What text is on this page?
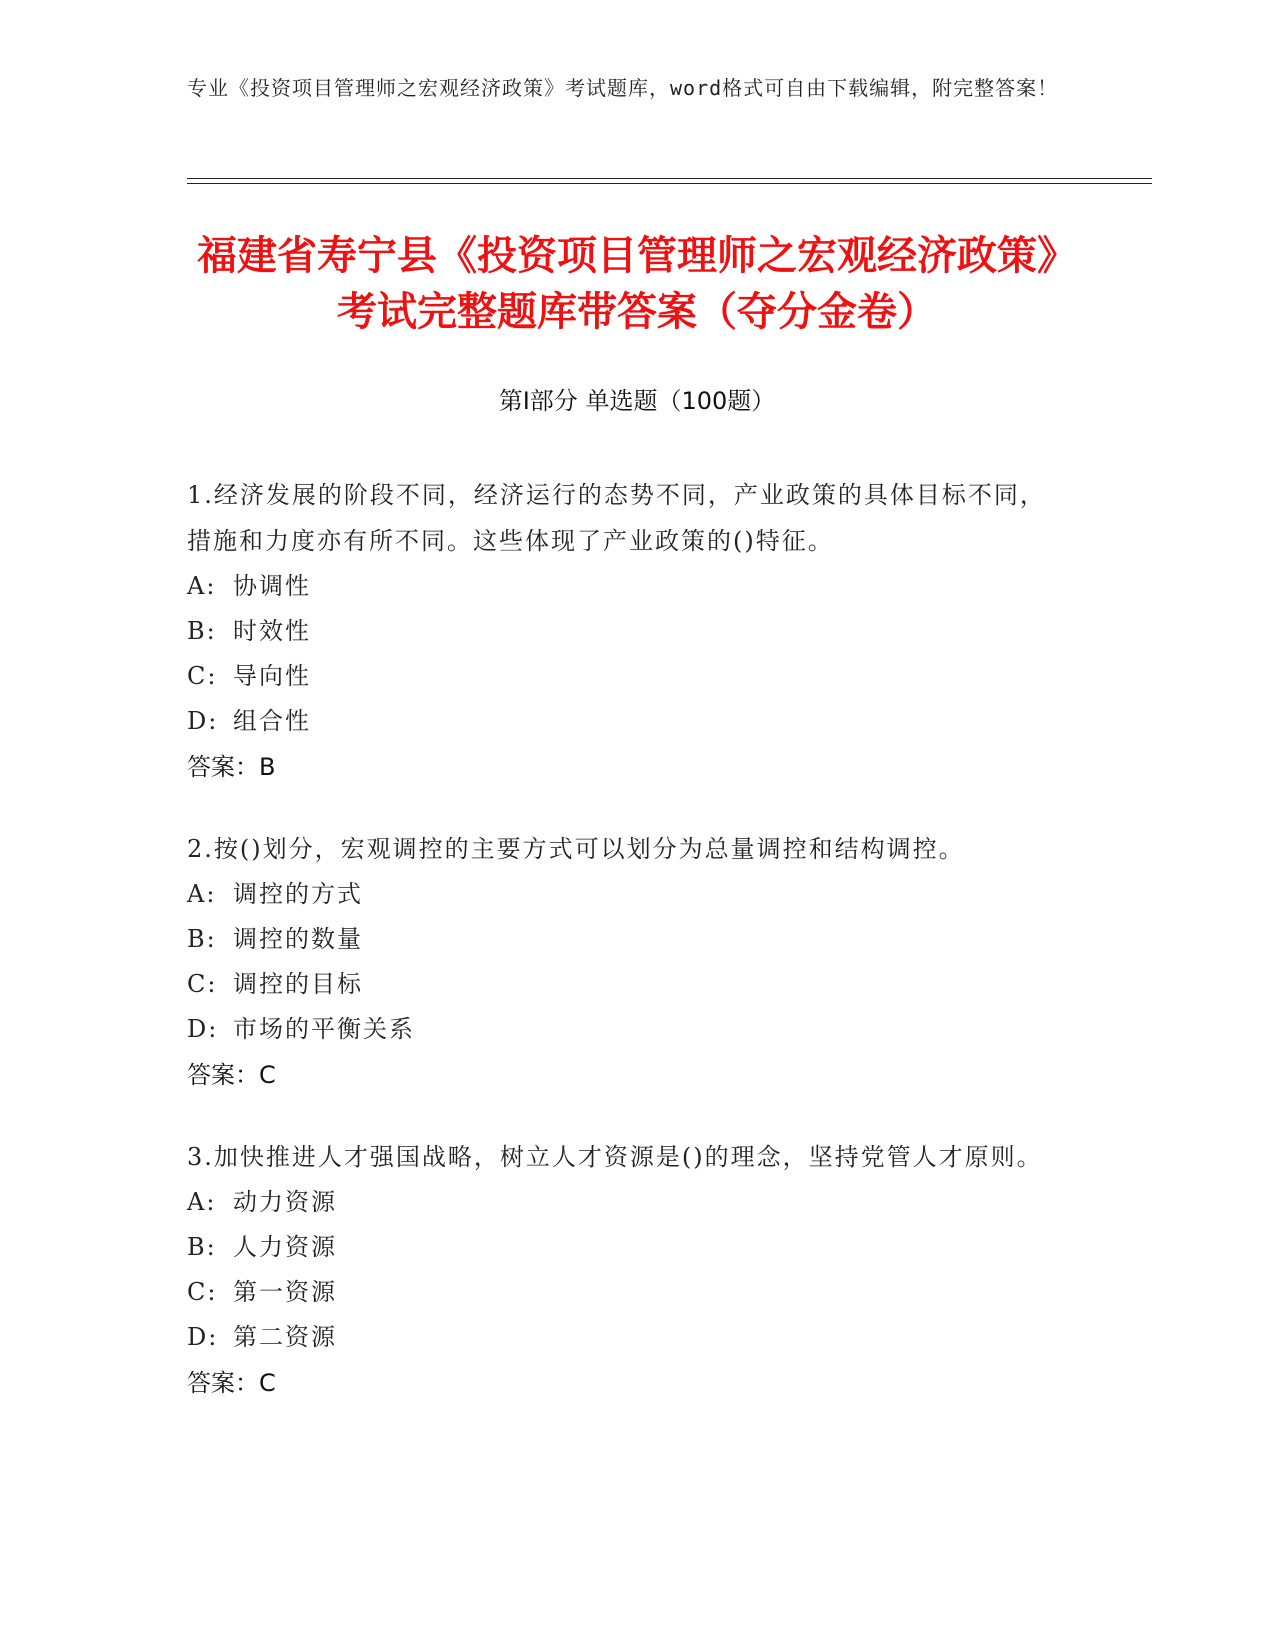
专业《投资项目管理师之宏观经济政策》考试题库，word格式可自由下载编辑，附完整答案！
福建省寿宁县《投资项目管理师之宏观经济政策》考试完整题库带答案（夺分金卷）
第Ⅰ部分 单选题（100题）

1.经济发展的阶段不同，经济运行的态势不同，产业政策的具体目标不同，措施和力度亦有所不同。这些体现了产业政策的()特征。

A: 协调性

B: 时效性

C: 导向性

D: 组合性

答案：B

2.按()划分，宏观调控的主要方式可以划分为总量调控和结构调控。

A: 调控的方式

B: 调控的数量

C: 调控的目标

D: 市场的平衡关系

答案：C

3.加快推进人才强国战略，树立人才资源是()的理念，坚持党管人才原则。

A: 动力资源

B: 人力资源

C: 第一资源

D: 第二资源

答案：C
